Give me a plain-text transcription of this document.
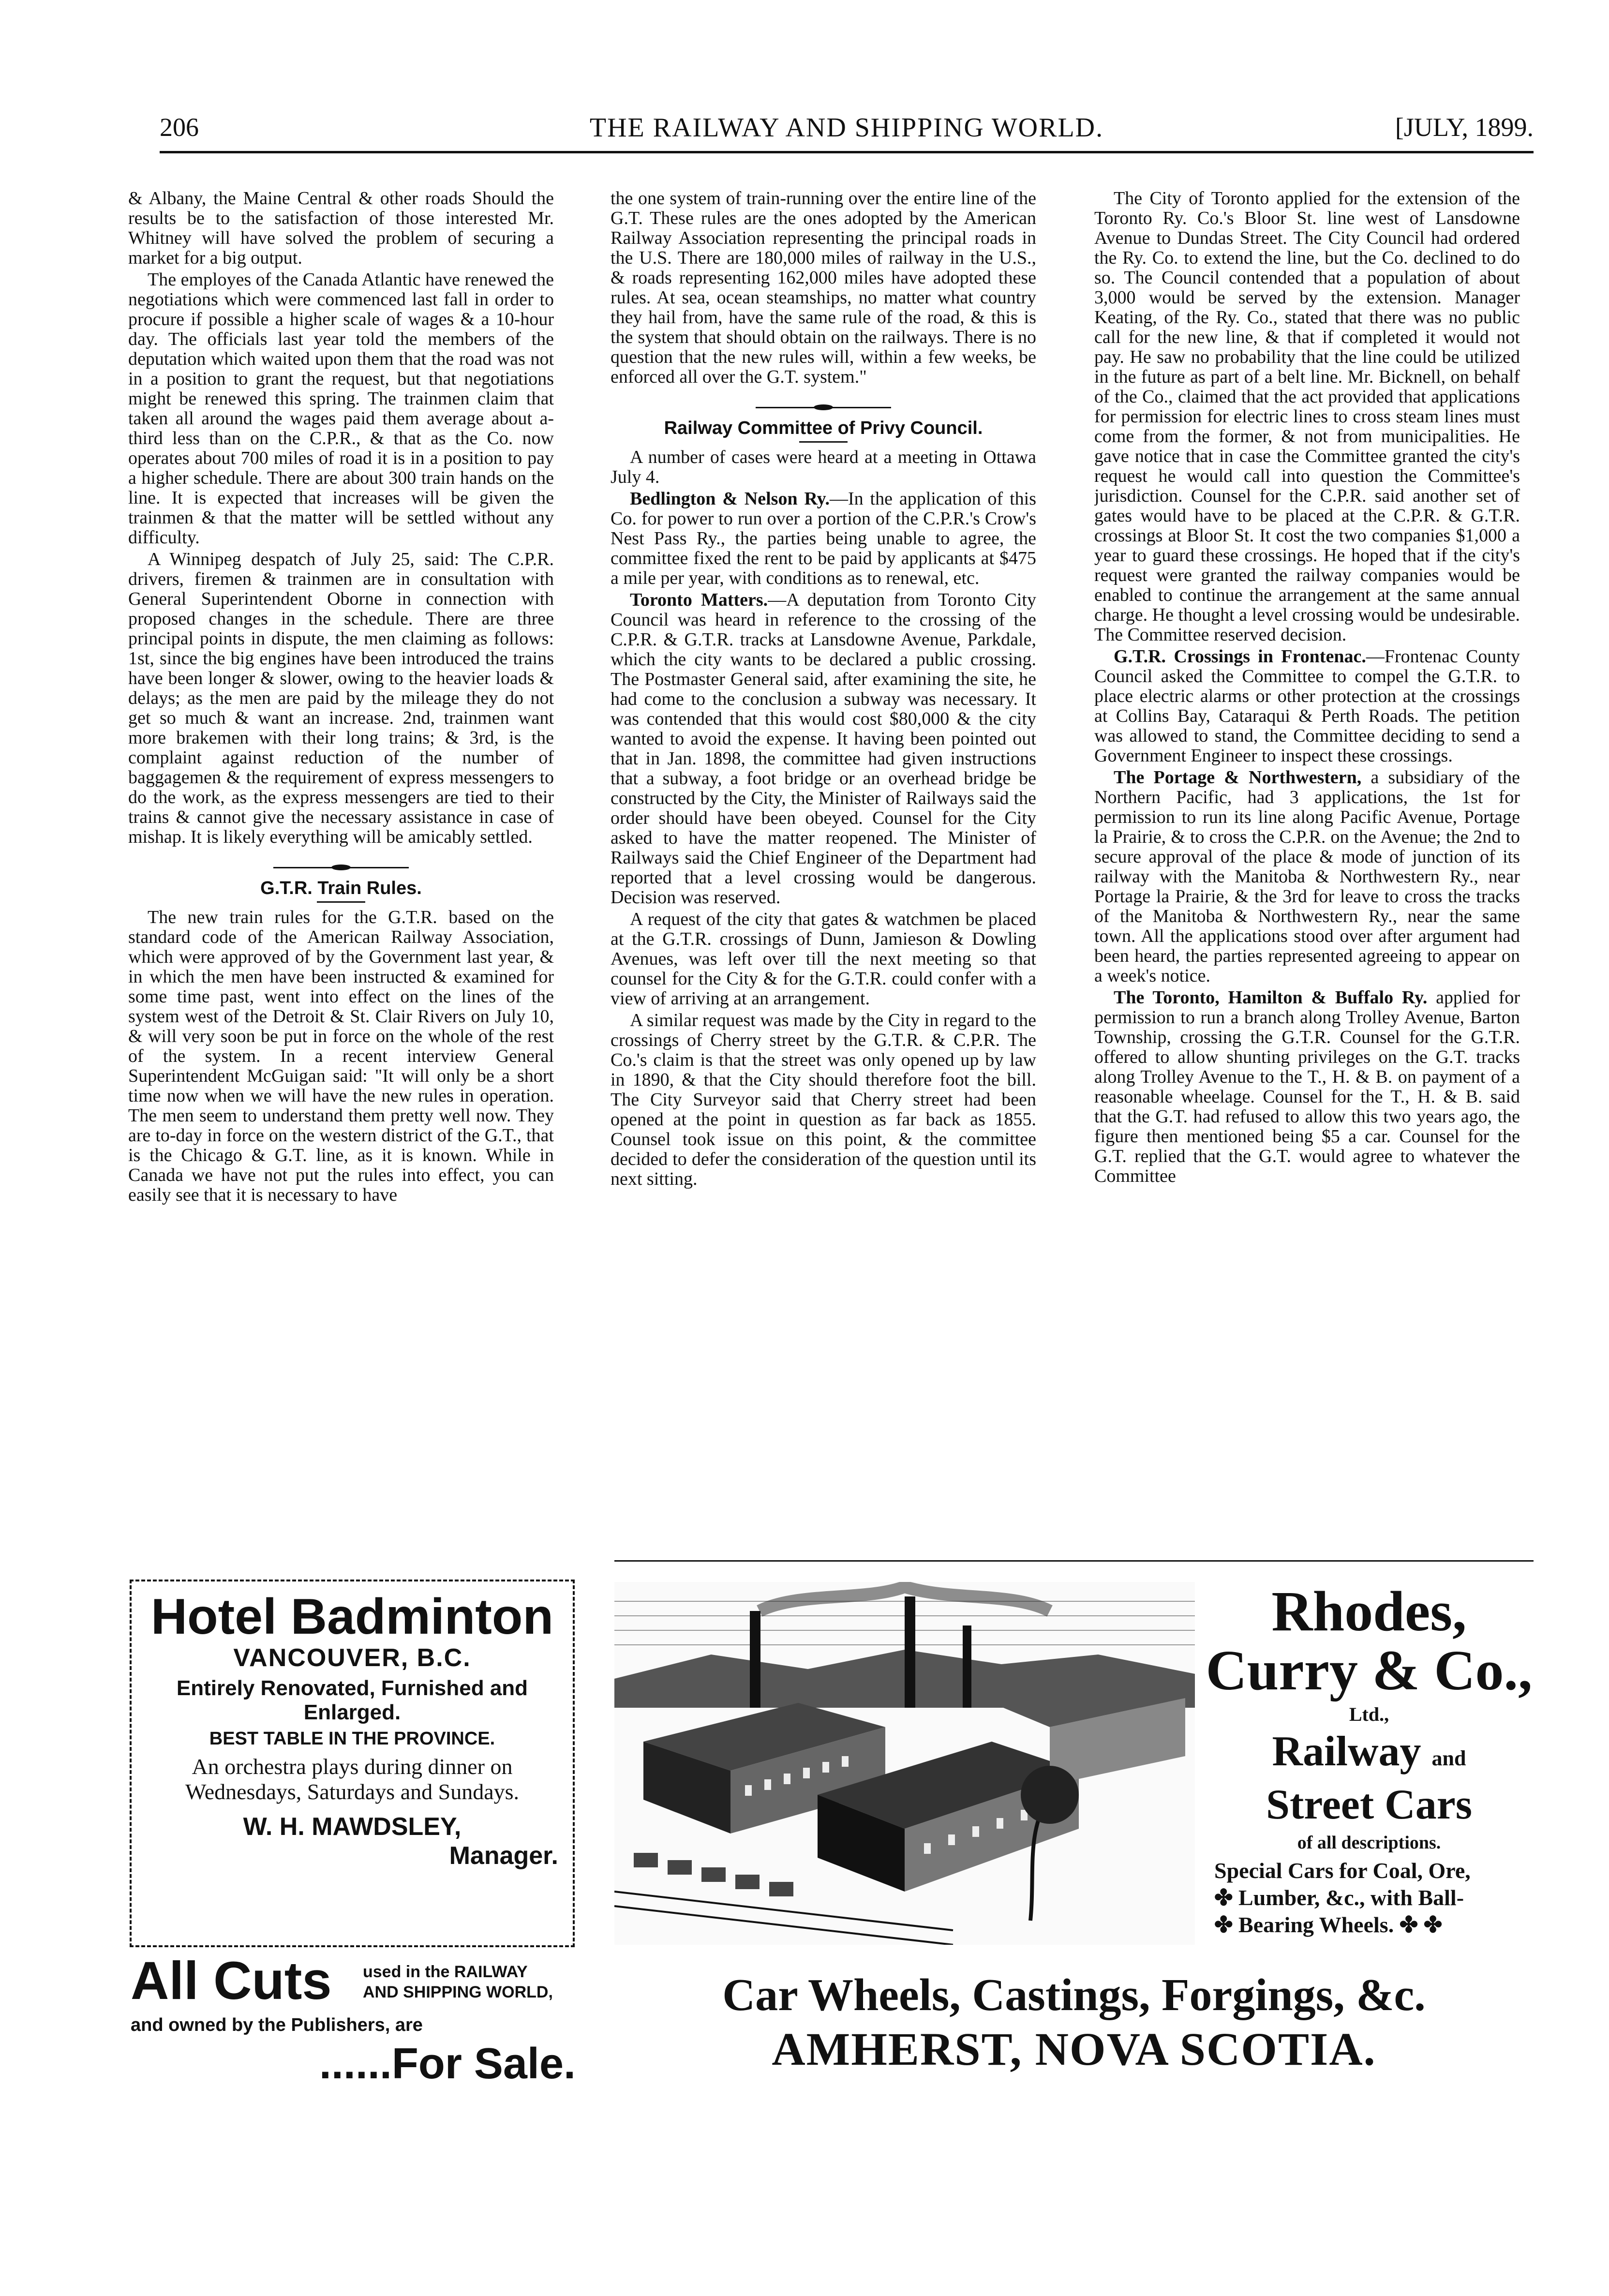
206	THE RAILWAY AND SHIPPING WORLD.	[JULY, 1899.

& Albany, the Maine Central & other roads Should the results be to the satisfaction of those interested Mr. Whitney will have solved the problem of securing a market for a big output.

The employes of the Canada Atlantic have renewed the negotiations which were commenced last fall in order to procure if possible a higher scale of wages & a 10-hour day. The officials last year told the members of the deputation which waited upon them that the road was not in a position to grant the request, but that negotiations might be renewed this spring. The trainmen claim that taken all around the wages paid them average about a-third less than on the C.P.R., & that as the Co. now operates about 700 miles of road it is in a position to pay a higher schedule. There are about 300 train hands on the line. It is expected that increases will be given the trainmen & that the matter will be settled without any difficulty.

A Winnipeg despatch of July 25, said: The C.P.R. drivers, firemen & trainmen are in consultation with General Superintendent Oborne in connection with proposed changes in the schedule. There are three principal points in dispute, the men claiming as follows: 1st, since the big engines have been introduced the trains have been longer & slower, owing to the heavier loads & delays; as the men are paid by the mileage they do not get so much & want an increase. 2nd, trainmen want more brakemen with their long trains; & 3rd, is the complaint against reduction of the number of baggagemen & the requirement of express messengers to do the work, as the express messengers are tied to their trains & cannot give the necessary assistance in case of mishap. It is likely everything will be amicably settled.

G.T.R. Train Rules.

The new train rules for the G.T.R. based on the standard code of the American Railway Association, which were approved of by the Government last year, & in which the men have been instructed & examined for some time past, went into effect on the lines of the system west of the Detroit & St. Clair Rivers on July 10, & will very soon be put in force on the whole of the rest of the system. In a recent interview General Superintendent McGuigan said: "It will only be a short time now when we will have the new rules in operation. The men seem to understand them pretty well now. They are to-day in force on the western district of the G.T., that is the Chicago & G.T. line, as it is known. While in Canada we have not put the rules into effect, you can easily see that it is necessary to have

the one system of train-running over the entire line of the G.T. These rules are the ones adopted by the American Railway Association representing the principal roads in the U.S. There are 180,000 miles of railway in the U.S., & roads representing 162,000 miles have adopted these rules. At sea, ocean steamships, no matter what country they hail from, have the same rule of the road, & this is the system that should obtain on the railways. There is no question that the new rules will, within a few weeks, be enforced all over the G.T. system."

Railway Committee of Privy Council.

A number of cases were heard at a meeting in Ottawa July 4.

Bedlington & Nelson Ry.—In the application of this Co. for power to run over a portion of the C.P.R.'s Crow's Nest Pass Ry., the parties being unable to agree, the committee fixed the rent to be paid by applicants at $475 a mile per year, with conditions as to renewal, etc.

Toronto Matters.—A deputation from Toronto City Council was heard in reference to the crossing of the C.P.R. & G.T.R. tracks at Lansdowne Avenue, Parkdale, which the city wants to be declared a public crossing. The Postmaster General said, after examining the site, he had come to the conclusion a subway was necessary. It was contended that this would cost $80,000 & the city wanted to avoid the expense. It having been pointed out that in Jan. 1898, the committee had given instructions that a subway, a foot bridge or an overhead bridge be constructed by the City, the Minister of Railways said the order should have been obeyed. Counsel for the City asked to have the matter reopened. The Minister of Railways said the Chief Engineer of the Department had reported that a level crossing would be dangerous. Decision was reserved.

A request of the city that gates & watchmen be placed at the G.T.R. crossings of Dunn, Jamieson & Dowling Avenues, was left over till the next meeting so that counsel for the City & for the G.T.R. could confer with a view of arriving at an arrangement.

A similar request was made by the City in regard to the crossings of Cherry street by the G.T.R. & C.P.R. The Co.'s claim is that the street was only opened up by law in 1890, & that the City should therefore foot the bill. The City Surveyor said that Cherry street had been opened at the point in question as far back as 1855. Counsel took issue on this point, & the committee decided to defer the consideration of the question until its next sitting.

The City of Toronto applied for the extension of the Toronto Ry. Co.'s Bloor St. line west of Lansdowne Avenue to Dundas Street. The City Council had ordered the Ry. Co. to extend the line, but the Co. declined to do so. The Council contended that a population of about 3,000 would be served by the extension. Manager Keating, of the Ry. Co., stated that there was no public call for the new line, & that if completed it would not pay. He saw no probability that the line could be utilized in the future as part of a belt line. Mr. Bicknell, on behalf of the Co., claimed that the act provided that applications for permission for electric lines to cross steam lines must come from the former, & not from municipalities. He gave notice that in case the Committee granted the city's request he would call into question the Committee's jurisdiction. Counsel for the C.P.R. said another set of gates would have to be placed at the C.P.R. & G.T.R. crossings at Bloor St. It cost the two companies $1,000 a year to guard these crossings. He hoped that if the city's request were granted the railway companies would be enabled to continue the arrangement at the same annual charge. He thought a level crossing would be undesirable. The Committee reserved decision.

G.T.R. Crossings in Frontenac.—Frontenac County Council asked the Committee to compel the G.T.R. to place electric alarms or other protection at the crossings at Collins Bay, Cataraqui & Perth Roads. The petition was allowed to stand, the Committee deciding to send a Government Engineer to inspect these crossings.

The Portage & Northwestern, a subsidiary of the Northern Pacific, had 3 applications, the 1st for permission to run its line along Pacific Avenue, Portage la Prairie, & to cross the C.P.R. on the Avenue; the 2nd to secure approval of the place & mode of junction of its railway with the Manitoba & Northwestern Ry., near Portage la Prairie, & the 3rd for leave to cross the tracks of the Manitoba & Northwestern Ry., near the same town. All the applications stood over after argument had been heard, the parties represented agreeing to appear on a week's notice.

The Toronto, Hamilton & Buffalo Ry. applied for permission to run a branch along Trolley Avenue, Barton Township, crossing the G.T.R. Counsel for the G.T.R. offered to allow shunting privileges on the G.T. tracks along Trolley Avenue to the T., H. & B. on payment of a reasonable wheelage. Counsel for the T., H. & B. said that the G.T. had refused to allow this two years ago, the figure then mentioned being $5 a car. Counsel for the G.T. replied that the G.T. would agree to whatever the Committee

Hotel Badminton
VANCOUVER, B.C.
Entirely Renovated, Furnished and Enlarged.
BEST TABLE IN THE PROVINCE.
An orchestra plays during dinner on Wednesdays, Saturdays and Sundays.
W. H. MAWDSLEY,
Manager.
All Cuts used in the RAILWAY
AND SHIPPING WORLD,
and owned by the Publishers, are
......For Sale.
Rhodes,
Curry & Co.,
Ltd.,
Railway and
Street Cars
of all descriptions.
Special Cars for Coal, Ore,
✤ Lumber, &c., with Ball-
✤ Bearing Wheels. ✤ ✤
Car Wheels, Castings, Forgings, &c.
AMHERST, NOVA SCOTIA.
